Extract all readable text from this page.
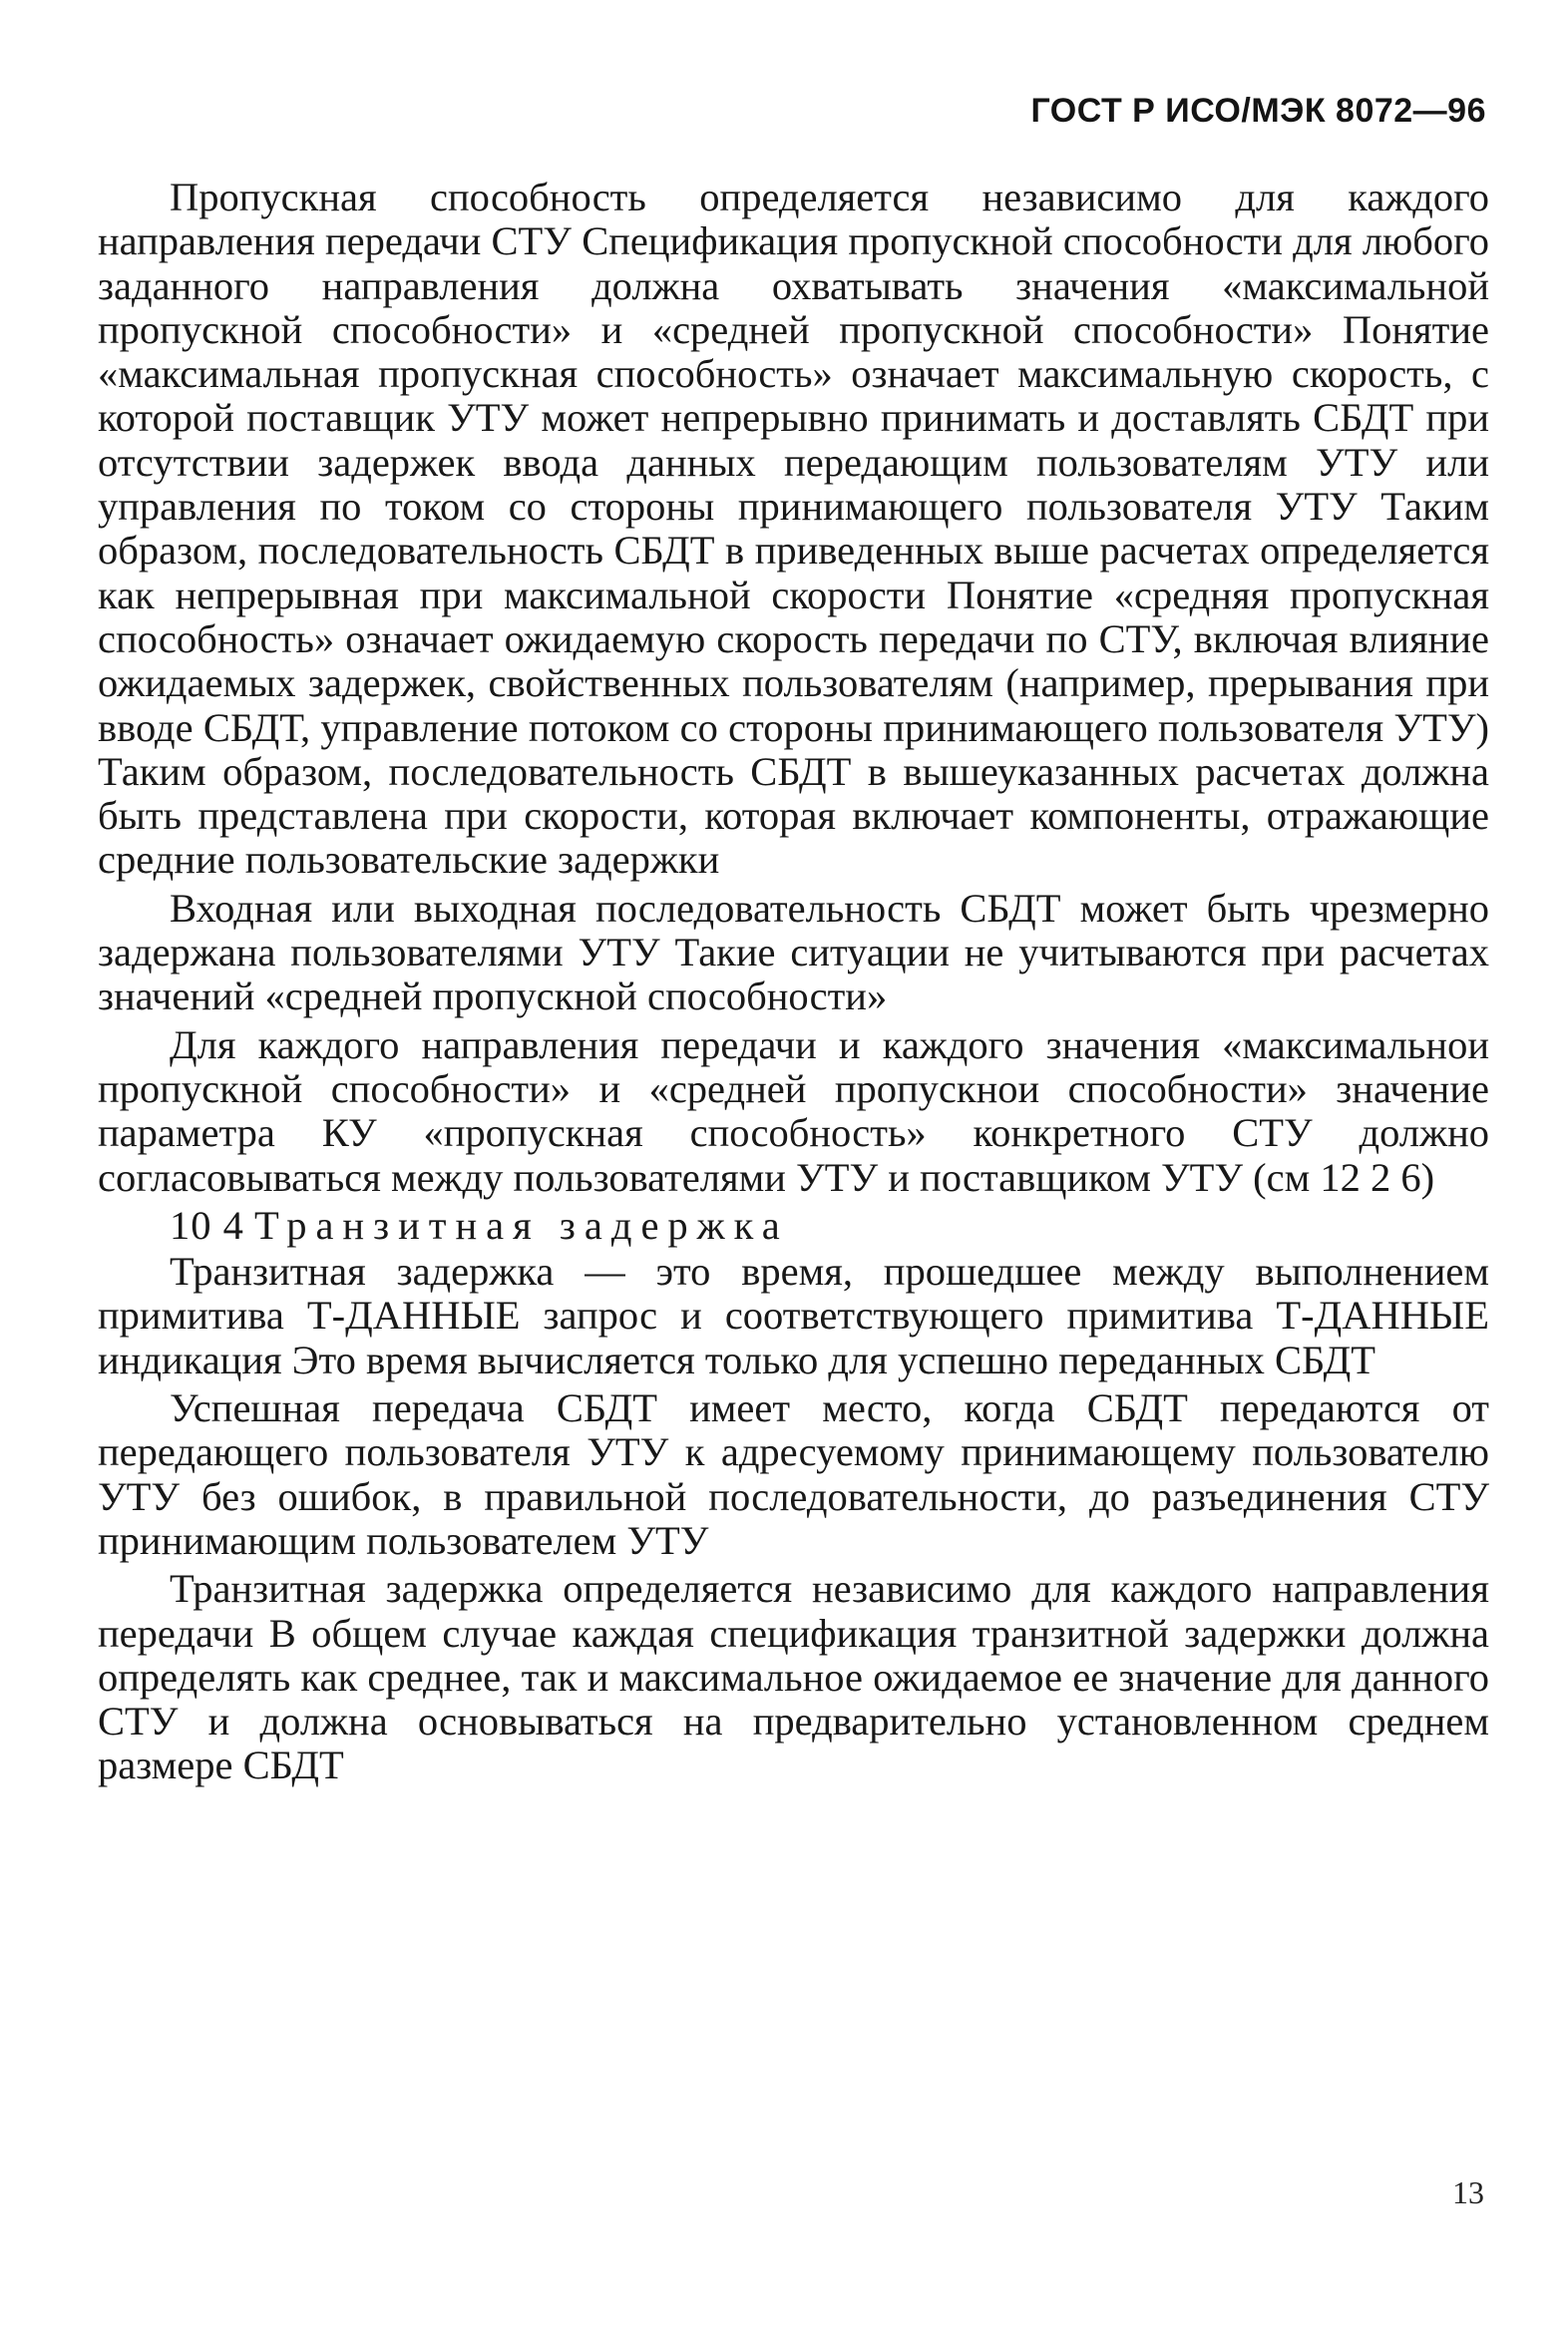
ГОСТ Р ИСО/МЭК 8072—96

Пропускная способность определяется независимо для каждого направления передачи СТУ Спецификация пропускной способности для любого заданного направления должна охватывать значения «максимальной пропускной способности» и «средней пропускной способности» Понятие «максимальная пропускная способность» означает максимальную скорость, с которой поставщик УТУ может непрерывно принимать и доставлять СБДТ при отсутствии задержек ввода данных передающим пользователям УТУ или управления по током со стороны принимающего пользователя УТУ Таким образом, последовательность СБДТ в приведенных выше расчетах определяется как непрерывная при максимальной скорости Понятие «средняя пропускная способность» означает ожидаемую скорость передачи по СТУ, включая влияние ожидаемых задержек, свойственных пользователям (например, прерывания при вводе СБДТ, управление потоком со стороны принимающего пользователя УТУ) Таким образом, последовательность СБДТ в вышеуказанных расчетах должна быть представлена при скорости, которая включает компоненты, отражающие средние пользовательские задержки

Входная или выходная последовательность СБДТ может быть чрезмерно задержана пользователями УТУ Такие ситуации не учитываются при расчетах значений «средней пропускной способности»

Для каждого направления передачи и каждого значения «максимальнои пропускной способности» и «средней пропускнои способности» значение параметра КУ «пропускная способность» конкретного СТУ должно согласовываться между пользователями УТУ и поставщиком УТУ (см 12 2 6)

10 4 Транзитная задержка

Транзитная задержка — это время, прошедшее между выполнением примитива Т-ДАННЫЕ запрос и соответствующего примитива Т-ДАННЫЕ индикация Это время вычисляется только для успешно переданных СБДТ

Успешная передача СБДТ имеет место, когда СБДТ передаются от передающего пользователя УТУ к адресуемому принимающему пользователю УТУ без ошибок, в правильной последовательности, до разъединения СТУ принимающим пользователем УТУ

Транзитная задержка определяется независимо для каждого направления передачи В общем случае каждая спецификация транзитной задержки должна определять как среднее, так и максимальное ожидаемое ее значение для данного СТУ и должна основываться на предварительно установленном среднем размере СБДТ

13
